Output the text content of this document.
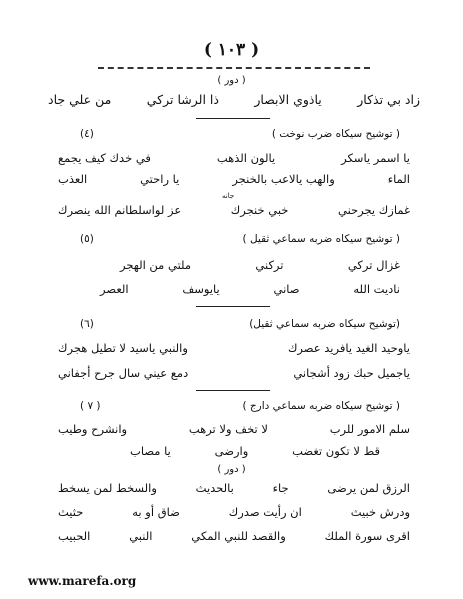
( ١٠٣ )
( دور )
زاد بي تذكار
ياذوي الابصار
ذا الرشا تركي
من علي جاد
( توشيح سيكاه ضرب نوخت )
(٤)
يا اسمر ياسكر
يالون الذهب
في خدك كيف يجمع
الماء
والهب يالاعب بالخنجر
يا راحتي
العذب
جانه
غمازك يجرحني
خبي خنجرك
عز لواسلطانم الله ينصرك
( توشيح سيكاه ضربه سماعي ثقيل )
(٥)
غزال تركي
تركني
ملتي من الهجر
ناديت الله
صاني
يايوسف
العصر
(توشيح سيكاه ضربه سماعي ثقيل)
(٦)
ياوحيد الغيد يافريد عصرك
والنبي ياسيد لا تطيل هجرك
ياجميل حبك زود أشجاني
دمع عيني سال جرح أجفاني
( توشيح سيكاه ضربه سماعي دارج )
( ٧ )
سلم الامور للرب
لا تخف ولا ترهب
وانشرح وطيب
قط لا تكون تغضب
وارضى
يا مصاب
( دور )
الرزق لمن يرضى
جاء
بالحديث
والسخط لمن يسخط
ودرش خبيث
ان رأيت صدرك
ضاق أو به
حثيث
اقرى سورة الملك
والقصد للنبي المكي
النبي
الحبيب
www.marefa.org
